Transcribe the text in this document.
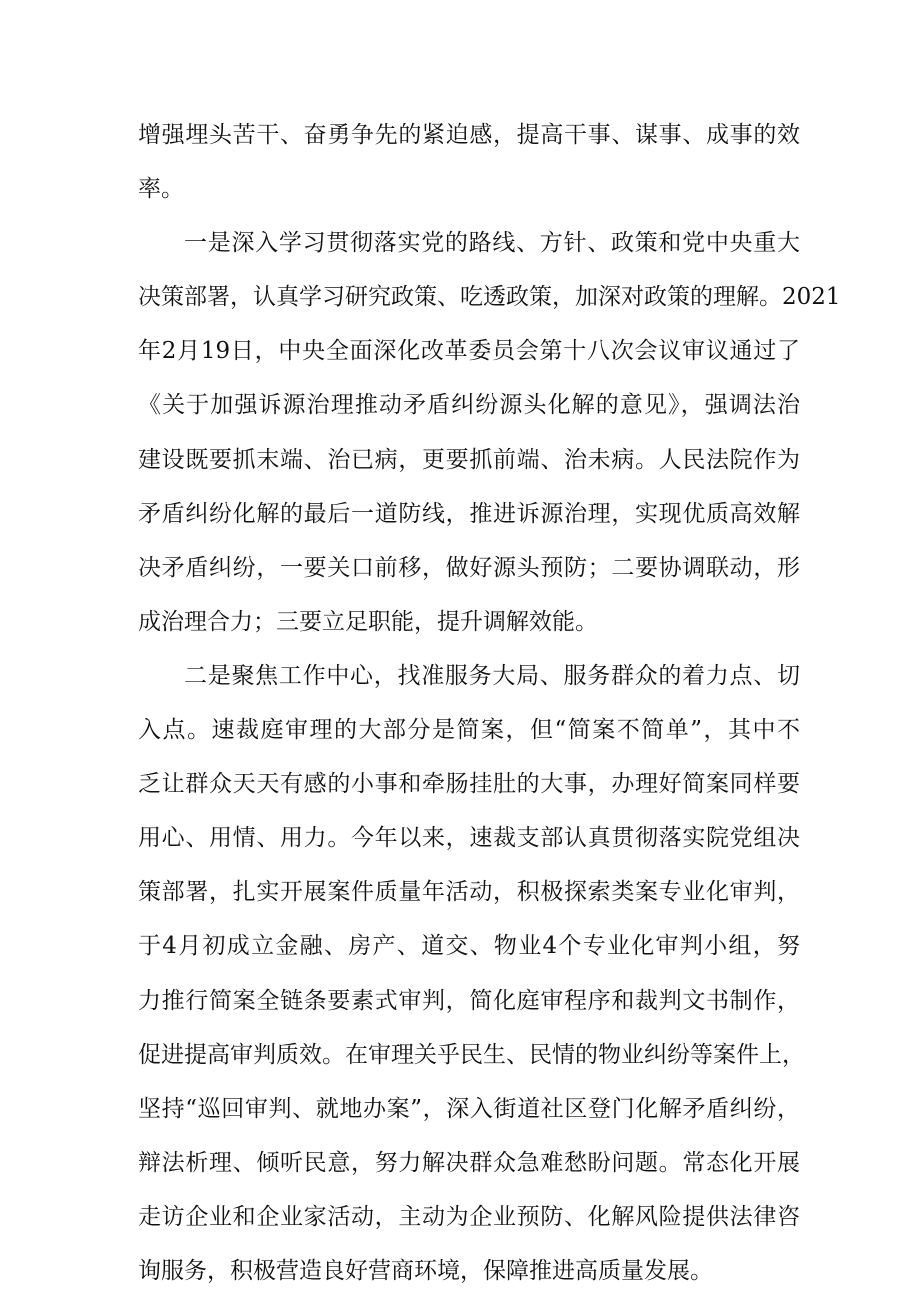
增强埋头苦干、奋勇争先的紧迫感，提高干事、谋事、成事的效
率。
一是深入学习贯彻落实党的路线、方针、政策和党中央重大
决策部署，认真学习研究政策、吃透政策，加深对政策的理解。2021
年2月19日，中央全面深化改革委员会第十八次会议审议通过了
《关于加强诉源治理推动矛盾纠纷源头化解的意见》，强调法治
建设既要抓末端、治已病，更要抓前端、治未病。人民法院作为
矛盾纠纷化解的最后一道防线，推进诉源治理，实现优质高效解
决矛盾纠纷，一要关口前移，做好源头预防；二要协调联动，形
成治理合力；三要立足职能，提升调解效能。
二是聚焦工作中心，找准服务大局、服务群众的着力点、切
入点。速裁庭审理的大部分是简案，但“简案不简单”，其中不
乏让群众天天有感的小事和牵肠挂肚的大事，办理好简案同样要
用心、用情、用力。今年以来，速裁支部认真贯彻落实院党组决
策部署，扎实开展案件质量年活动，积极探索类案专业化审判，
于4月初成立金融、房产、道交、物业4个专业化审判小组，努
力推行简案全链条要素式审判，简化庭审程序和裁判文书制作，
促进提高审判质效。在审理关乎民生、民情的物业纠纷等案件上，
坚持“巡回审判、就地办案”，深入街道社区登门化解矛盾纠纷，
辩法析理、倾听民意，努力解决群众急难愁盼问题。常态化开展
走访企业和企业家活动，主动为企业预防、化解风险提供法律咨
询服务，积极营造良好营商环境，保障推进高质量发展。
